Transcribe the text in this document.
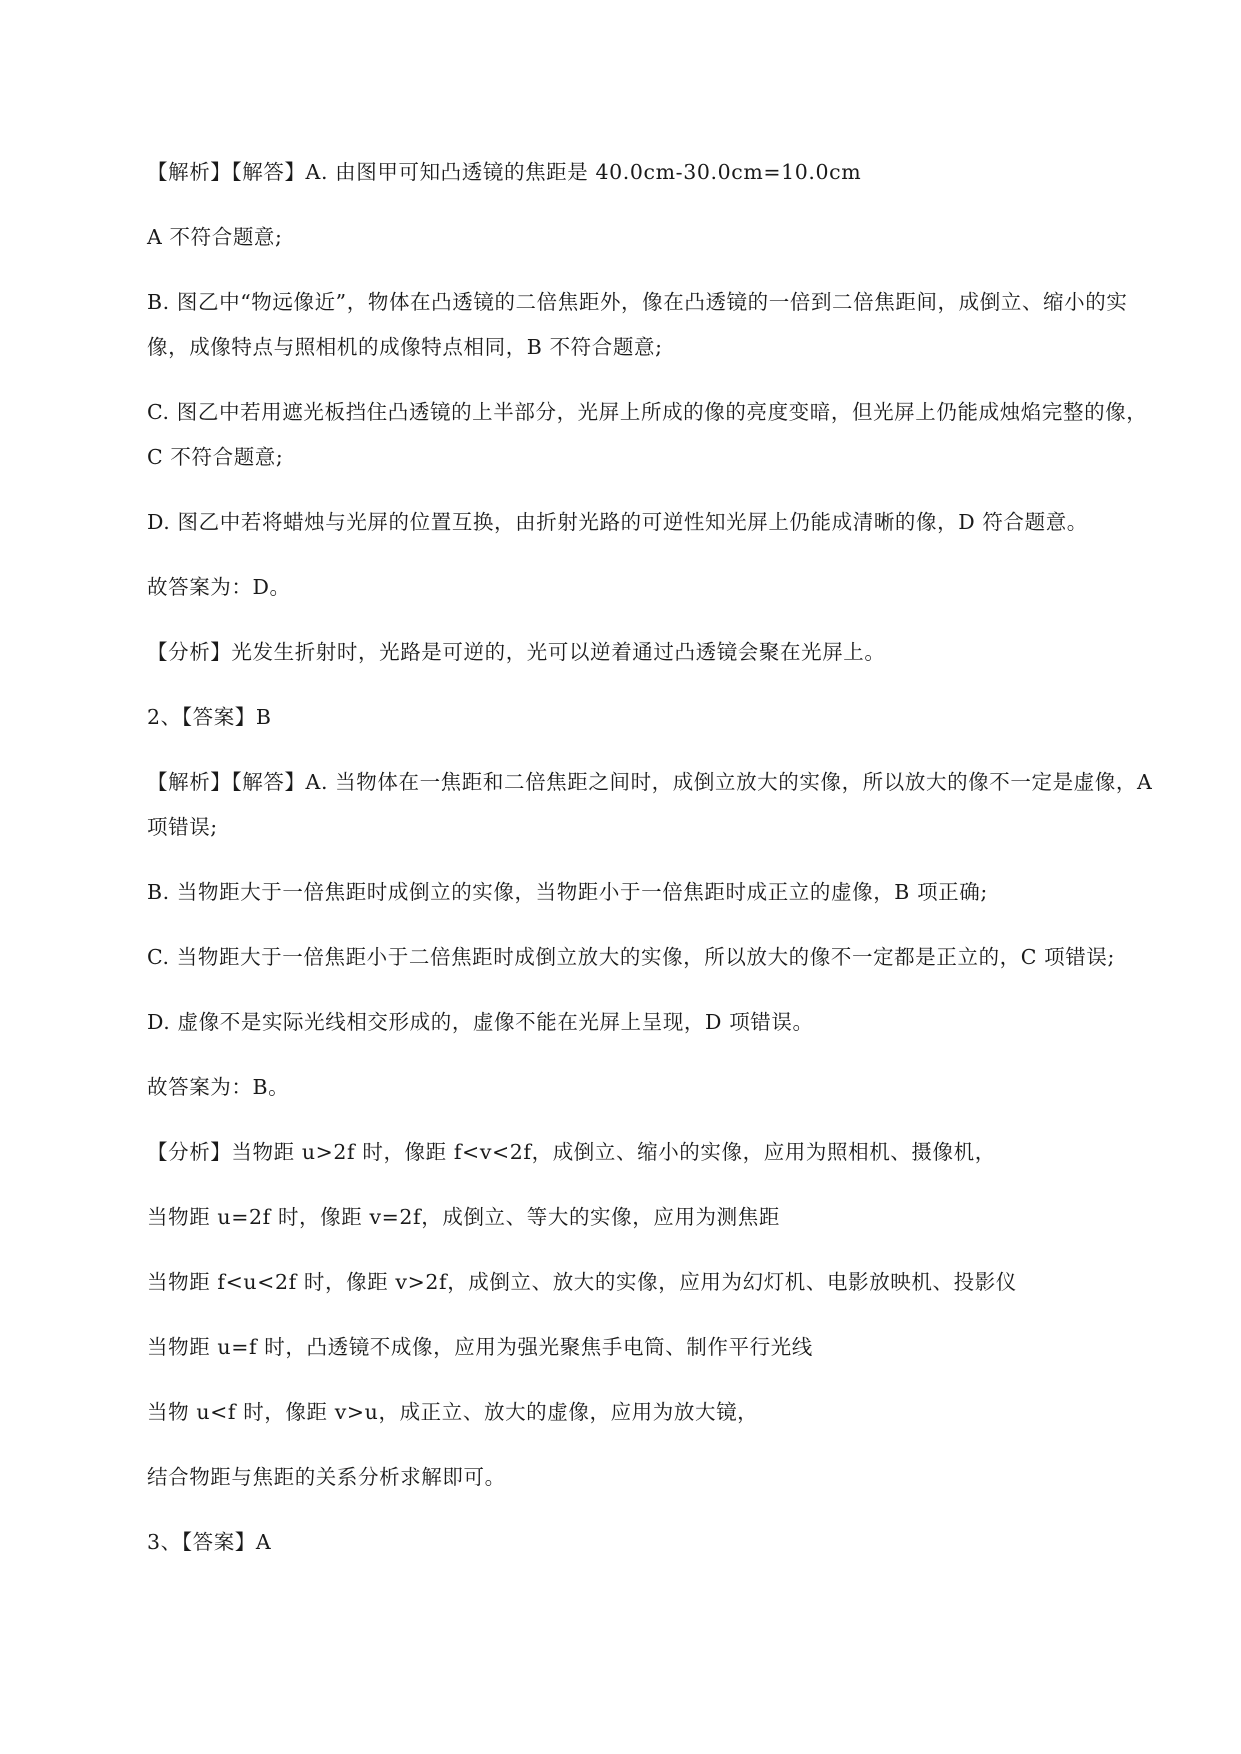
【解析】【解答】A. 由图甲可知凸透镜的焦距是 40.0cm-30.0cm=10.0cm

A 不符合题意;

B. 图乙中“物远像近”，物体在凸透镜的二倍焦距外，像在凸透镜的一倍到二倍焦距间，成倒立、缩小的实像，成像特点与照相机的成像特点相同，B 不符合题意;

C. 图乙中若用遮光板挡住凸透镜的上半部分，光屏上所成的像的亮度变暗，但光屏上仍能成烛焰完整的像，C 不符合题意;

D. 图乙中若将蜡烛与光屏的位置互换，由折射光路的可逆性知光屏上仍能成清晰的像，D 符合题意。

故答案为：D。

【分析】光发生折射时，光路是可逆的，光可以逆着通过凸透镜会聚在光屏上。

2、【答案】B

【解析】【解答】A. 当物体在一焦距和二倍焦距之间时，成倒立放大的实像，所以放大的像不一定是虚像，A 项错误;

B. 当物距大于一倍焦距时成倒立的实像，当物距小于一倍焦距时成正立的虚像，B 项正确;

C. 当物距大于一倍焦距小于二倍焦距时成倒立放大的实像，所以放大的像不一定都是正立的，C 项错误;

D. 虚像不是实际光线相交形成的，虚像不能在光屏上呈现，D 项错误。

故答案为：B。

【分析】当物距 u>2f 时，像距 f<v<2f，成倒立、缩小的实像，应用为照相机、摄像机，

当物距 u=2f 时，像距 v=2f，成倒立、等大的实像，应用为测焦距

当物距 f<u<2f 时，像距 v>2f，成倒立、放大的实像，应用为幻灯机、电影放映机、投影仪

当物距 u=f 时，凸透镜不成像，应用为强光聚焦手电筒、制作平行光线

当物 u<f 时，像距 v>u，成正立、放大的虚像，应用为放大镜，

结合物距与焦距的关系分析求解即可。

3、【答案】A
